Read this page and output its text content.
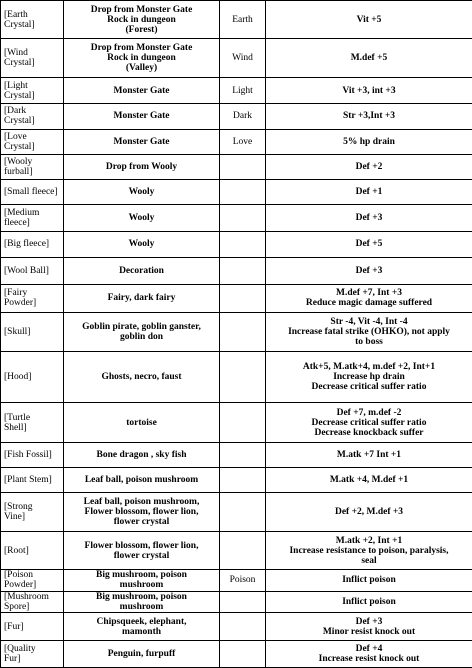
[Earth
Crystal]	Drop from Monster Gate
Rock in dungeon
(Forest)	Earth	Vit +5

[Wind
Crystal]	Drop from Monster Gate
Rock in dungeon
(Valley)	Wind	M.def +5

[Light
Crystal]	Monster Gate	Light	Vit +3, int +3

[Dark
Crystal]	Monster Gate	Dark	Str +3,Int +3

[Love
Crystal]	Monster Gate	Love	5% hp drain

[Wooly
furball]	Drop from Wooly		Def +2

[Small fleece]	Wooly		Def +1

[Medium
fleece]	Wooly		Def +3

[Big fleece]	Wooly		Def +5

[Wool Ball]	Decoration		Def +3

[Fairy
Powder]	Fairy, dark fairy		M.def +7, Int +3
Reduce magic damage suffered

[Skull]	Goblin pirate, goblin ganster,
goblin don		Str -4, Vit -4, Int -4
Increase fatal strike (OHKO), not apply
to boss

[Hood]	Ghosts, necro, faust		Atk+5, M.atk+4, m.def +2, Int+1
Increase hp drain
Decrease critical suffer ratio

[Turtle
Shell]	tortoise		Def +7, m.def -2
Decrease critical suffer ratio
Decrease knockback suffer

[Fish Fossil]	Bone dragon , sky fish		M.atk +7 Int +1

[Plant Stem]	Leaf ball, poison mushroom		M.atk +4, M.def +1

[Strong
Vine]	Leaf ball, poison mushroom,
Flower blossom, flower lion,
flower crystal		Def +2, M.def +3

[Root]	Flower blossom, flower lion,
flower crystal		M.atk +2, Int +1
Increase resistance to poison, paralysis,
seal

[Poison
Powder]	Big mushroom, poison
mushroom	Poison	Inflict poison

[Mushroom
Spore]	Big mushroom, poison
mushroom		Inflict poison

[Fur]	Chipsqueek, elephant,
mamonth		Def +3
Minor resist knock out

[Quality
Fur]	Penguin, furpuff		Def +4
Increase resist knock out
